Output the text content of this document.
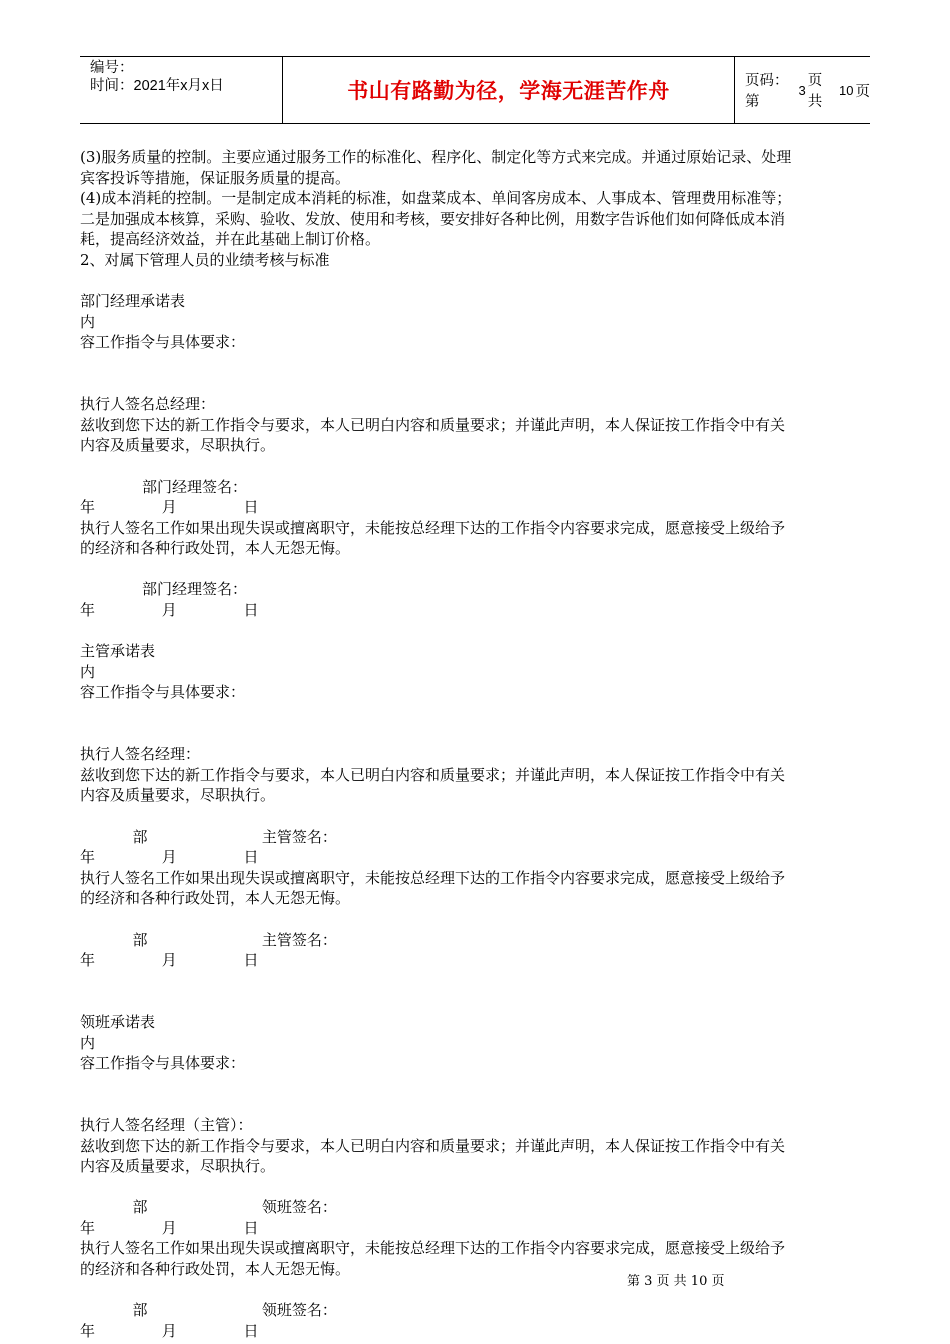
编号：
时间：2021年x月x日	书山有路勤为径，学海无涯苦作舟	页码：第
3
页 共
10 页
(3)服务质量的控制。主要应通过服务工作的标准化、程序化、制定化等方式来完成。并通过原始记录、处理
宾客投诉等措施，保证服务质量的提高。
(4)成本消耗的控制。一是制定成本消耗的标准，如盘菜成本、单间客房成本、人事成本、管理费用标准等；
二是加强成本核算，采购、验收、发放、使用和考核，要安排好各种比例，用数字告诉他们如何降低成本消
耗，提高经济效益，并在此基础上制订价格。
2、对属下管理人员的业绩考核与标准
部门经理承诺表
内
容工作指令与具体要求：
执行人签名总经理：
兹收到您下达的新工作指令与要求，本人已明白内容和质量要求；并谨此声明，本人保证按工作指令中有关
内容及质量要求，尽职执行。
部门经理签名：
年              月              日
执行人签名工作如果出现失误或擅离职守，未能按总经理下达的工作指令内容要求完成，愿意接受上级给予
的经济和各种行政处罚，本人无怨无悔。
部门经理签名：
年              月              日
主管承诺表
内
容工作指令与具体要求：
执行人签名经理：
兹收到您下达的新工作指令与要求，本人已明白内容和质量要求；并谨此声明，本人保证按工作指令中有关
内容及质量要求，尽职执行。
部                        主管签名：
年              月              日
执行人签名工作如果出现失误或擅离职守，未能按总经理下达的工作指令内容要求完成，愿意接受上级给予
的经济和各种行政处罚，本人无怨无悔。
部                        主管签名：
年              月              日
领班承诺表
内
容工作指令与具体要求：
执行人签名经理（主管）：
兹收到您下达的新工作指令与要求，本人已明白内容和质量要求；并谨此声明，本人保证按工作指令中有关
内容及质量要求，尽职执行。
部                        领班签名：
年              月              日
执行人签名工作如果出现失误或擅离职守，未能按总经理下达的工作指令内容要求完成，愿意接受上级给予
的经济和各种行政处罚，本人无怨无悔。
部                        领班签名：
年              月              日
第 3 页 共 10 页
